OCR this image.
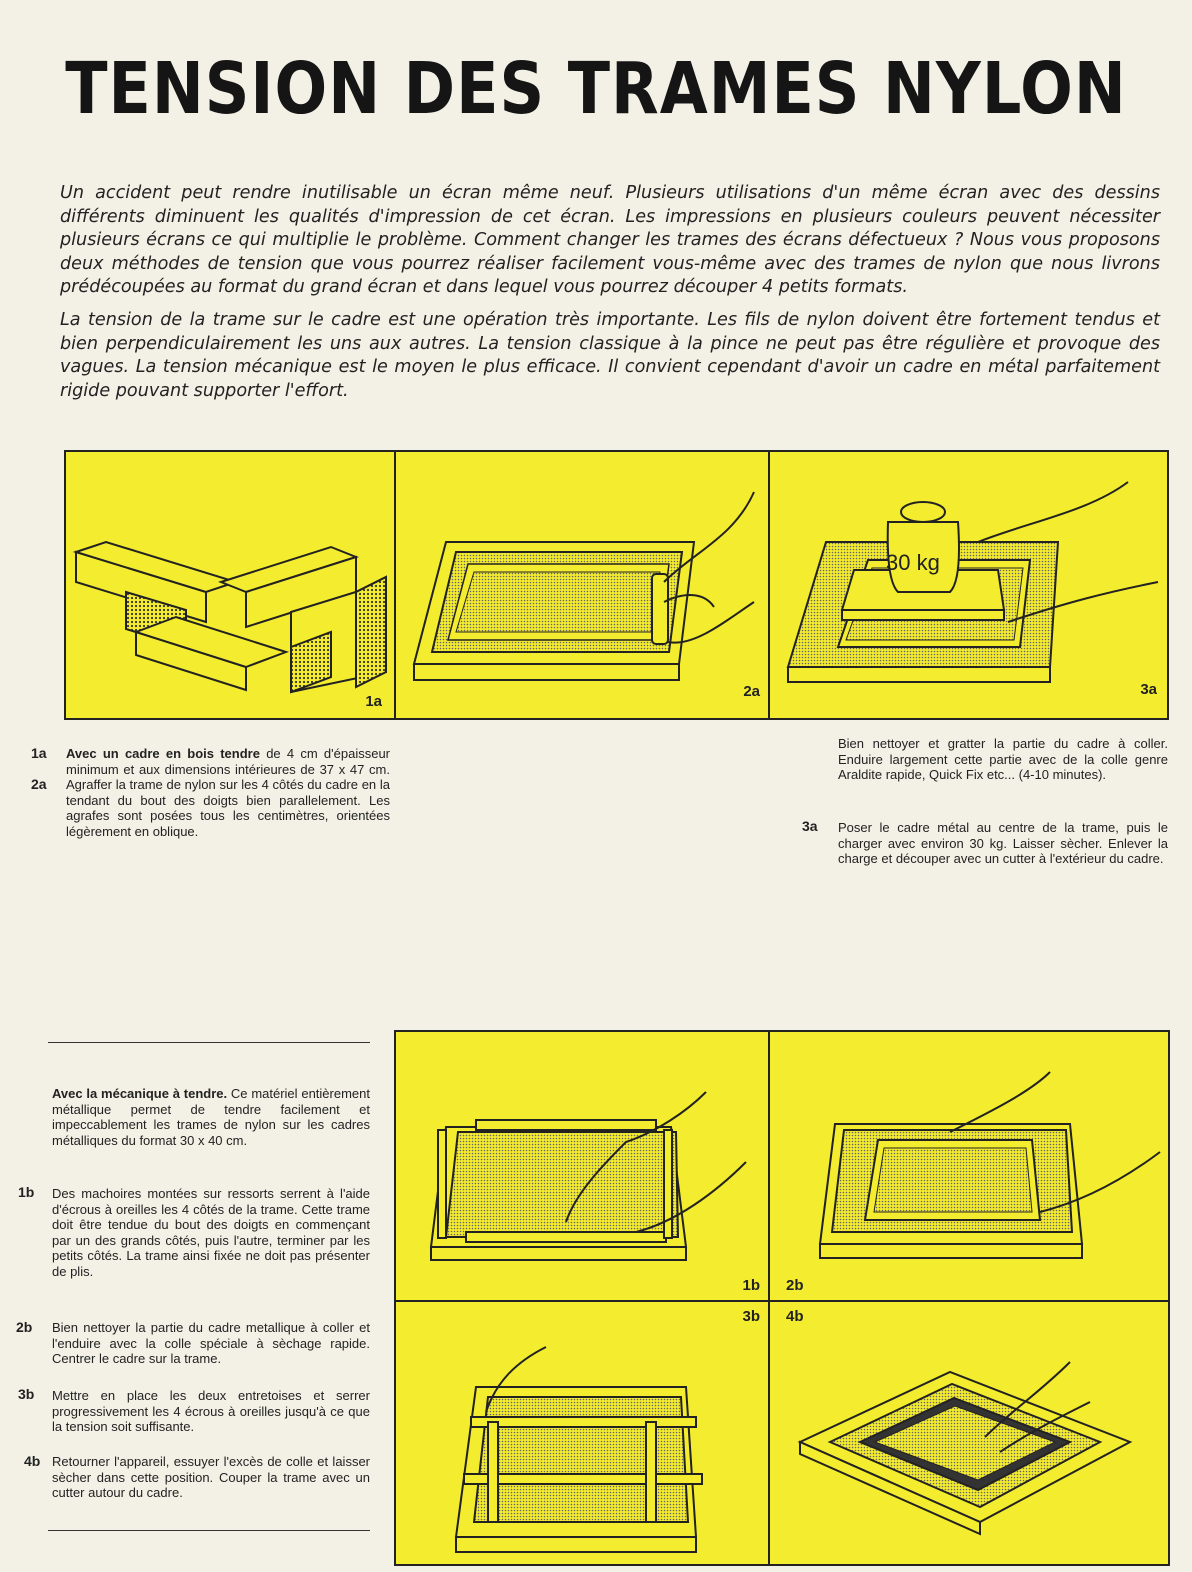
TENSION DES TRAMES NYLON

Un accident peut rendre inutilisable un écran même neuf. Plusieurs utilisations d'un même écran avec des dessins différents diminuent les qualités d'impression de cet écran. Les impressions en plusieurs couleurs peuvent nécessiter plusieurs écrans ce qui multiplie le problème. Comment changer les trames des écrans défectueux ? Nous vous proposons deux méthodes de tension que vous pourrez réaliser facilement vous-même avec des trames de nylon que nous livrons prédécoupées au format du grand écran et dans lequel vous pourrez découper 4 petits formats.

La tension de la trame sur le cadre est une opération très importante. Les fils de nylon doivent être fortement tendus et bien perpendiculairement les uns aux autres. La tension classique à la pince ne peut pas être régulière et provoque des vagues. La tension mécanique est le moyen le plus efficace. Il convient cependant d'avoir un cadre en métal parfaitement rigide pouvant supporter l'effort.

1a
2a
30 kg
3a
1a
2a
Avec un cadre en bois tendre de 4 cm d'épaisseur minimum et aux dimensions intérieures de 37 x 47 cm. Agraffer la trame de nylon sur les 4 côtés du cadre en la tendant du bout des doigts bien parallelement. Les agrafes sont posées tous les centimètres, orientées légèrement en oblique.
Bien nettoyer et gratter la partie du cadre à coller. Enduire largement cette partie avec de la colle genre Araldite rapide, Quick Fix etc... (4-10 minutes).
3a Poser le cadre métal au centre de la trame, puis le charger avec environ 30 kg. Laisser sècher. Enlever la charge et découper avec un cutter à l'extérieur du cadre.
Avec la mécanique à tendre. Ce matériel entièrement métallique permet de tendre facilement et impeccablement les trames de nylon sur les cadres métalliques du format 30 x 40 cm.
1b Des machoires montées sur ressorts serrent à l'aide d'écrous à oreilles les 4 côtés de la trame. Cette trame doit être tendue du bout des doigts en commençant par un des grands côtés, puis l'autre, terminer par les petits côtés. La trame ainsi fixée ne doit pas présenter de plis.
2b Bien nettoyer la partie du cadre metallique à coller et l'enduire avec la colle spéciale à sèchage rapide. Centrer le cadre sur la trame.
3b Mettre en place les deux entretoises et serrer progressivement les 4 écrous à oreilles jusqu'à ce que la tension soit suffisante.
4b Retourner l'appareil, essuyer l'excès de colle et laisser sècher dans cette position. Couper la trame avec un cutter autour du cadre.
1b 2b
3b 4b
